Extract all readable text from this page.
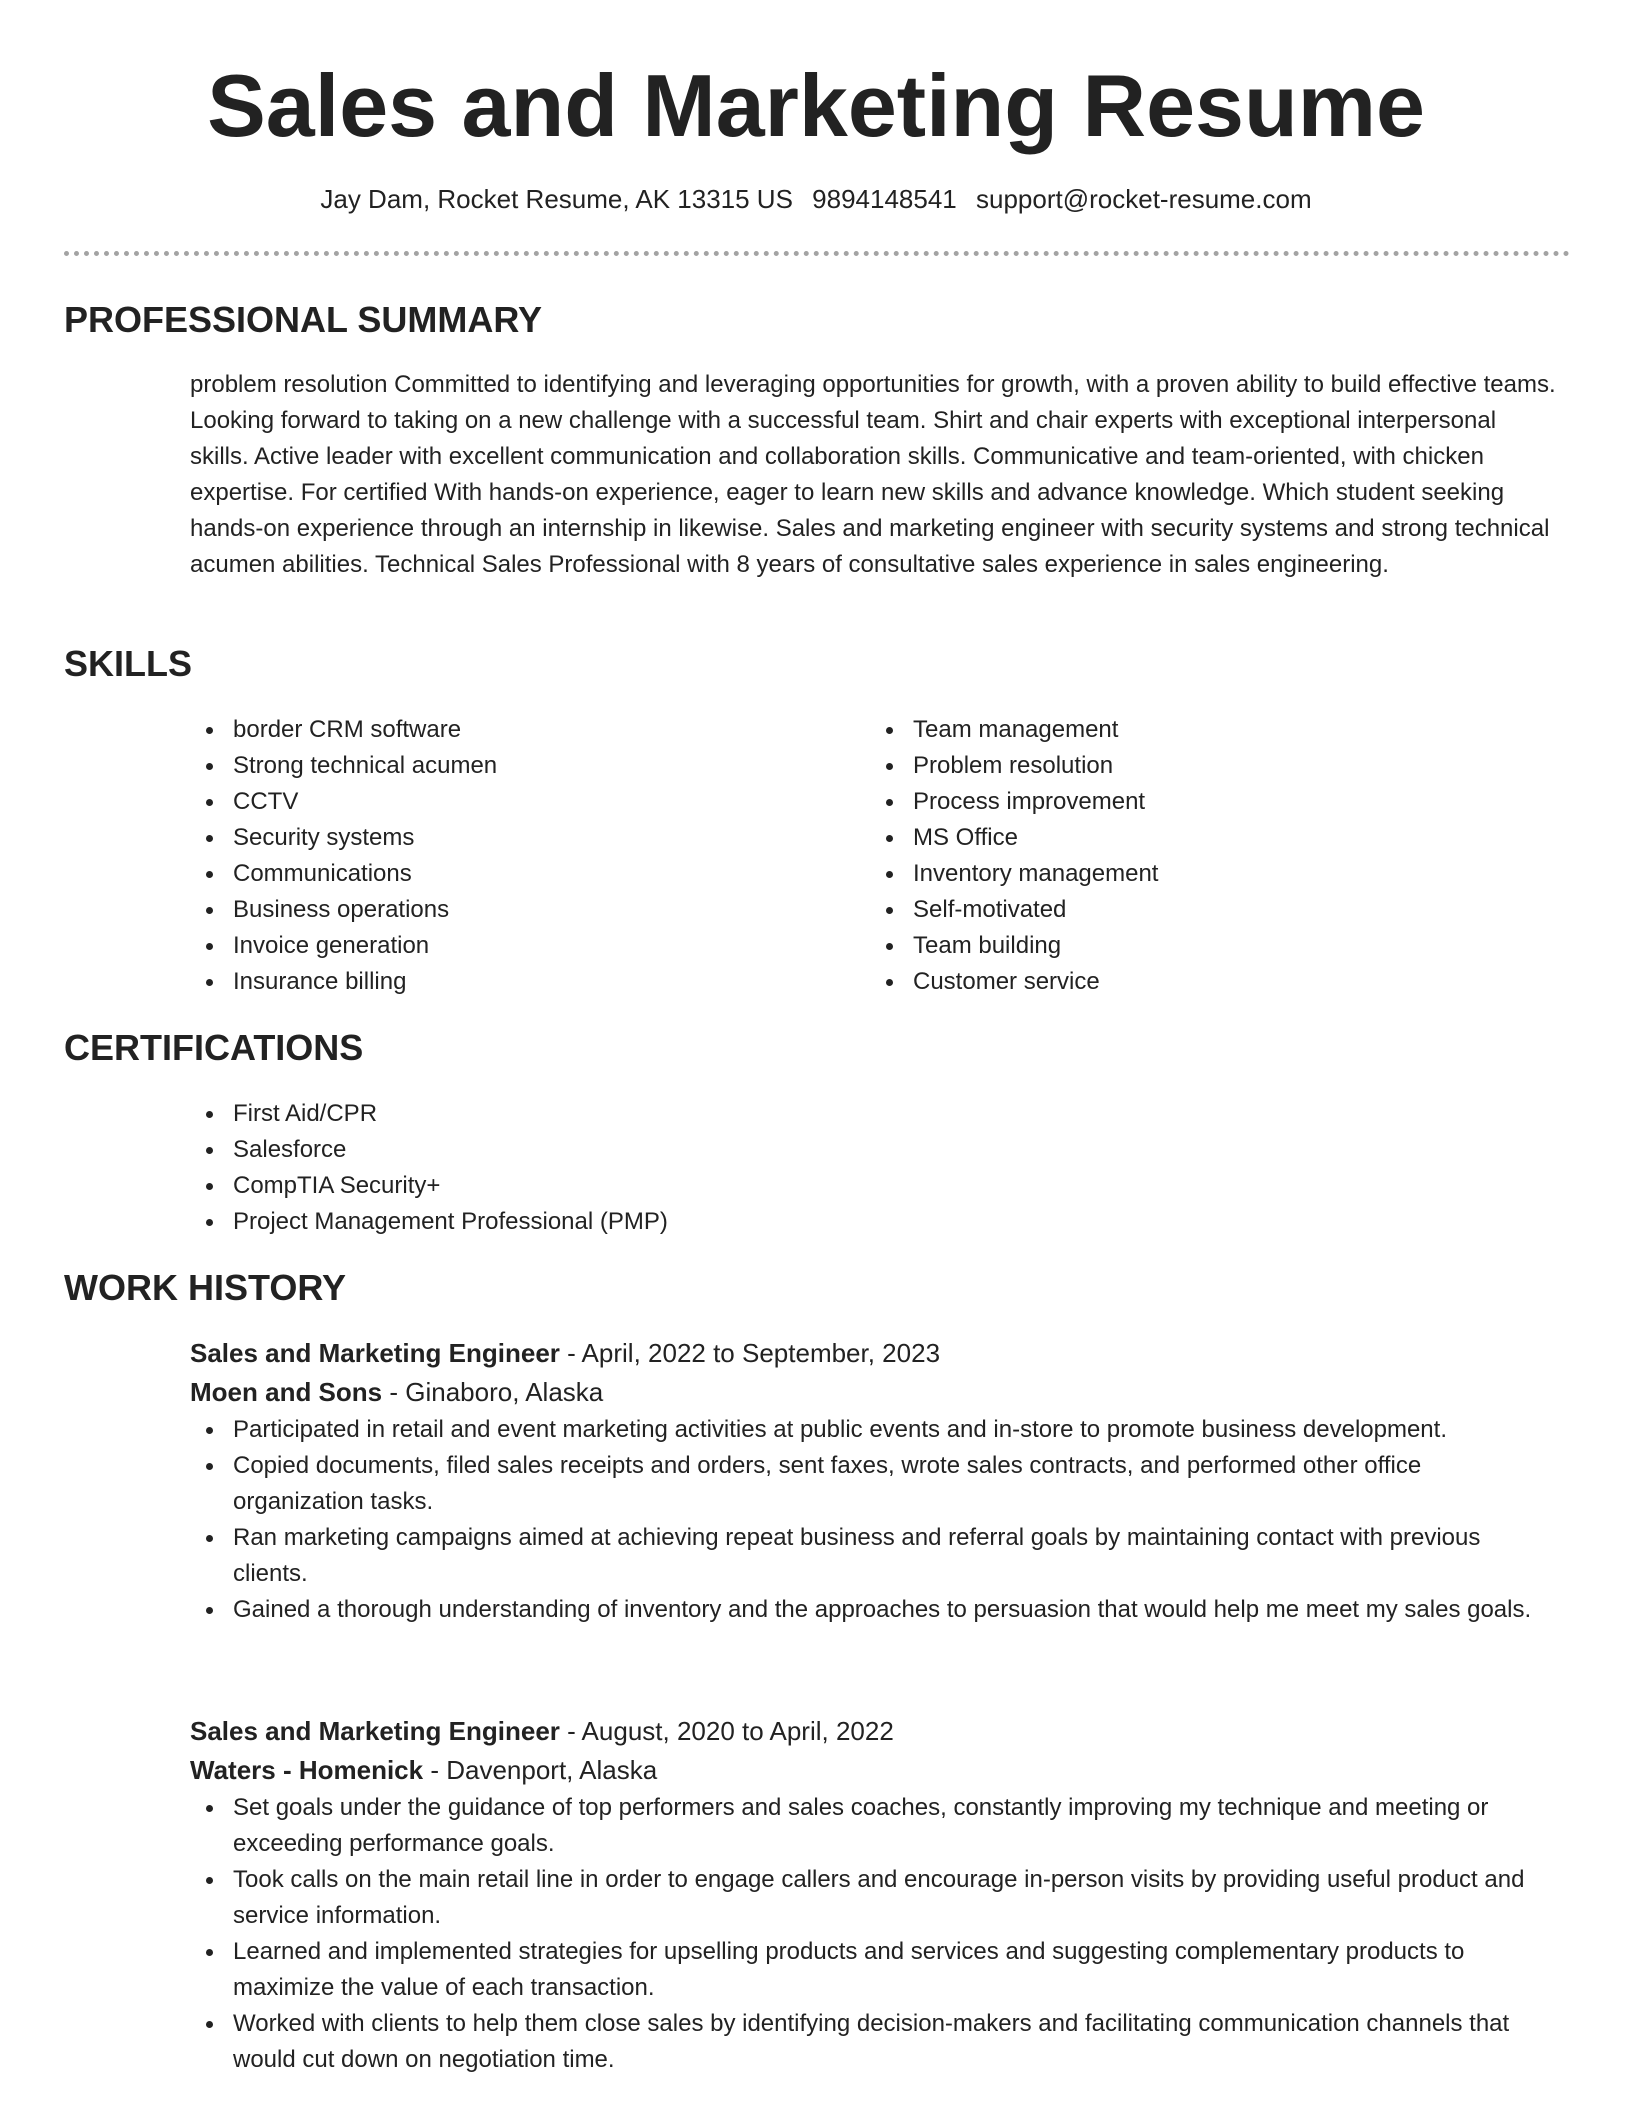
Sales and Marketing Resume
Jay Dam, Rocket Resume, AK 13315 US 9894148541 support@rocket-resume.com
PROFESSIONAL SUMMARY

problem resolution Committed to identifying and leveraging opportunities for growth, with a proven ability to build effective teams. Looking forward to taking on a new challenge with a successful team. Shirt and chair experts with exceptional interpersonal skills. Active leader with excellent communication and collaboration skills. Communicative and team-oriented, with chicken expertise. For certified With hands-on experience, eager to learn new skills and advance knowledge. Which student seeking hands-on experience through an internship in likewise. Sales and marketing engineer with security systems and strong technical acumen abilities. Technical Sales Professional with 8 years of consultative sales experience in sales engineering.

SKILLS
border CRM software
Strong technical acumen
CCTV
Security systems
Communications
Business operations
Invoice generation
Insurance billing
Team management
Problem resolution
Process improvement
MS Office
Inventory management
Self-motivated
Team building
Customer service
CERTIFICATIONS
First Aid/CPR
Salesforce
CompTIA Security+
Project Management Professional (PMP)
WORK HISTORY
Sales and Marketing Engineer - April, 2022 to September, 2023
Moen and Sons - Ginaboro, Alaska
Participated in retail and event marketing activities at public events and in-store to promote business development.
Copied documents, filed sales receipts and orders, sent faxes, wrote sales contracts, and performed other office organization tasks.
Ran marketing campaigns aimed at achieving repeat business and referral goals by maintaining contact with previous clients.
Gained a thorough understanding of inventory and the approaches to persuasion that would help me meet my sales goals.
Sales and Marketing Engineer - August, 2020 to April, 2022
Waters - Homenick - Davenport, Alaska
Set goals under the guidance of top performers and sales coaches, constantly improving my technique and meeting or exceeding performance goals.
Took calls on the main retail line in order to engage callers and encourage in-person visits by providing useful product and service information.
Learned and implemented strategies for upselling products and services and suggesting complementary products to maximize the value of each transaction.
Worked with clients to help them close sales by identifying decision-makers and facilitating communication channels that would cut down on negotiation time.
